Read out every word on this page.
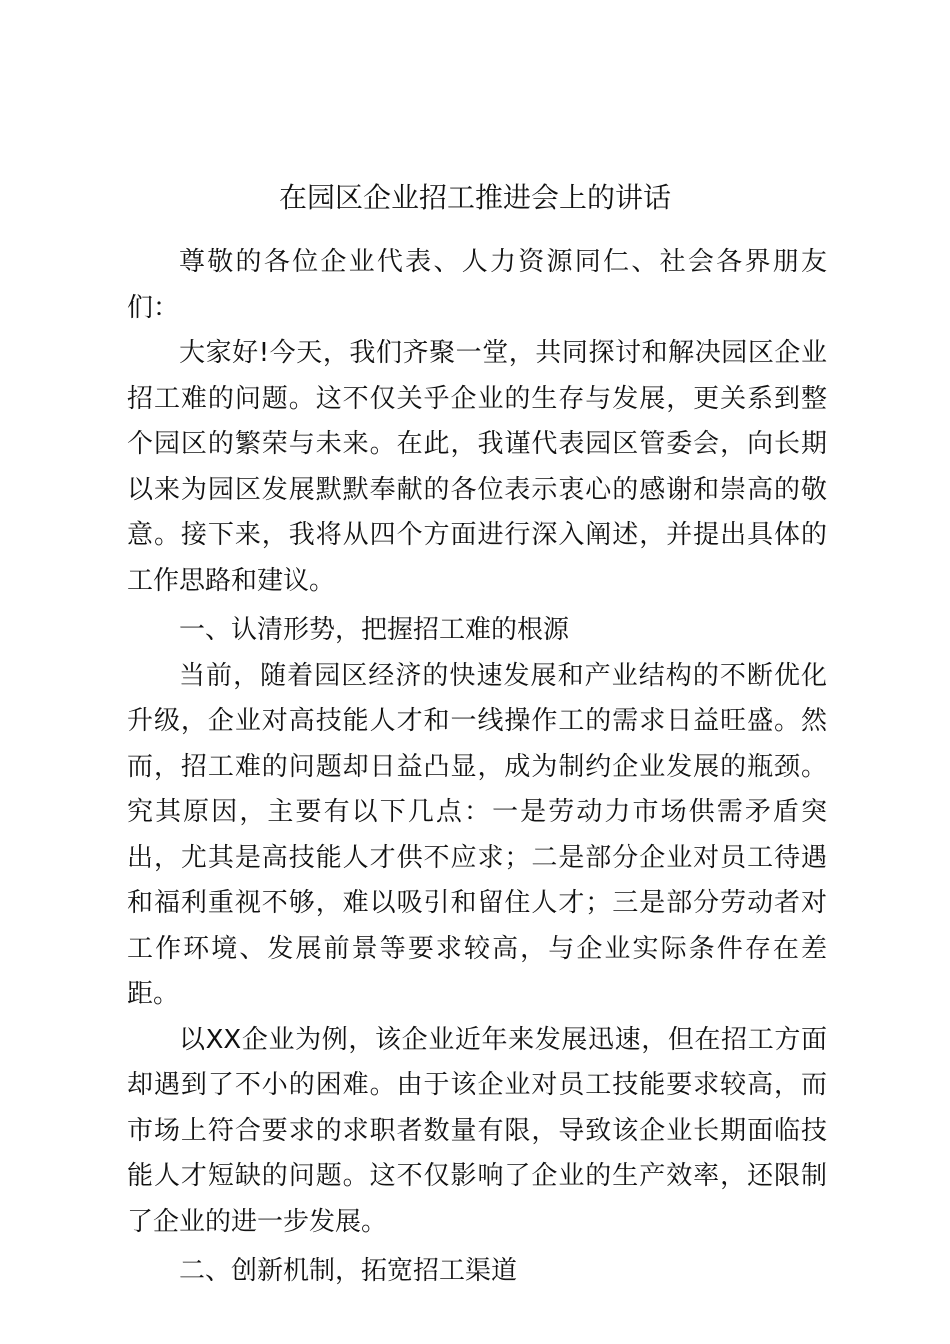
在园区企业招工推进会上的讲话

尊敬的各位企业代表、人力资源同仁、社会各界朋友们：

大家好!今天，我们齐聚一堂，共同探讨和解决园区企业招工难的问题。这不仅关乎企业的生存与发展，更关系到整个园区的繁荣与未来。在此，我谨代表园区管委会，向长期以来为园区发展默默奉献的各位表示衷心的感谢和崇高的敬意。接下来，我将从四个方面进行深入阐述，并提出具体的工作思路和建议。

一、认清形势，把握招工难的根源

当前，随着园区经济的快速发展和产业结构的不断优化升级，企业对高技能人才和一线操作工的需求日益旺盛。然而，招工难的问题却日益凸显，成为制约企业发展的瓶颈。究其原因，主要有以下几点：一是劳动力市场供需矛盾突出，尤其是高技能人才供不应求；二是部分企业对员工待遇和福利重视不够，难以吸引和留住人才；三是部分劳动者对工作环境、发展前景等要求较高，与企业实际条件存在差距。

以XX企业为例，该企业近年来发展迅速，但在招工方面却遇到了不小的困难。由于该企业对员工技能要求较高，而市场上符合要求的求职者数量有限，导致该企业长期面临技能人才短缺的问题。这不仅影响了企业的生产效率，还限制了企业的进一步发展。

二、创新机制，拓宽招工渠道
